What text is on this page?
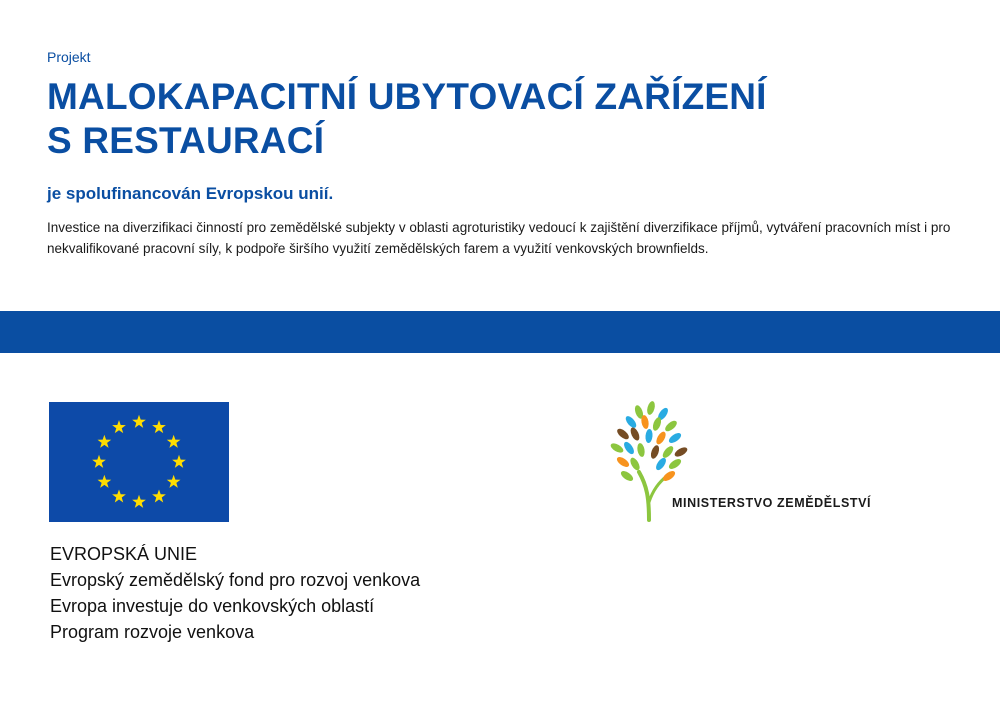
Projekt
MALOKAPACITNÍ UBYTOVACÍ ZAŘÍZENÍ
S RESTAURACÍ
je spolufinancován Evropskou unií.
Investice na diverzifikaci činností pro zemědělské subjekty v oblasti agroturistiky vedoucí k zajištění diverzifikace příjmů, vytváření pracovních míst i pro nekvalifikované pracovní síly, k podpoře širšího využití zemědělských farem a využití venkovských brownfields.
EVROPSKÁ UNIE
Evropský zemědělský fond pro rozvoj venkova
Evropa investuje do venkovských oblastí
Program rozvoje venkova
MINISTERSTVO ZEMĚDĚLSTVÍ
